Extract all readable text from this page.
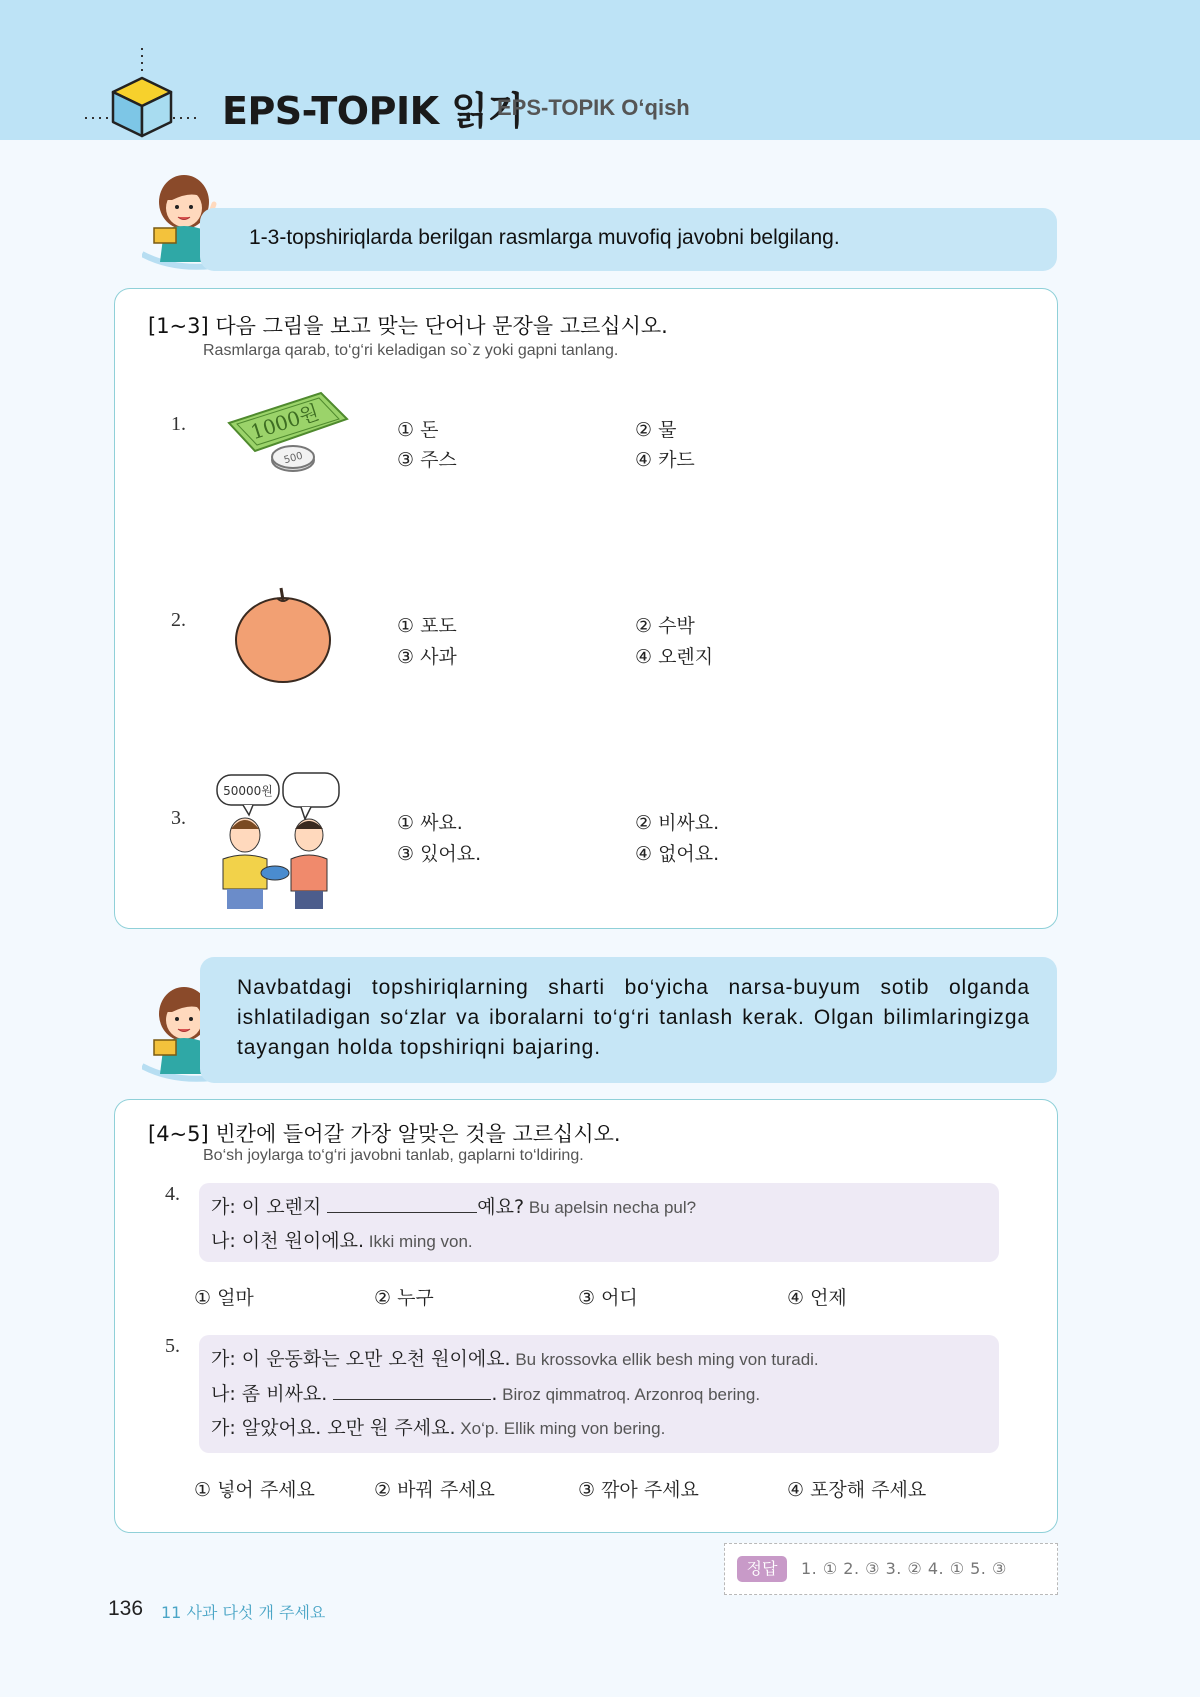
EPS-TOPIK 읽기
EPS-TOPIK O‘qish
1-3-topshiriqlarda berilgan rasmlarga muvofiq javobni belgilang.
[1~3] 다음 그림을 보고 맞는 단어나 문장을 고르십시오.
Rasmlarga qarab, to‘g‘ri keladigan so`z yoki gapni tanlang.
1.	1000원
500
① 돈	② 물
③ 주스	④ 카드
2.	① 포도	② 수박
③ 사과	④ 오렌지
3.
50000원
① 싸요.	② 비싸요.
③ 있어요.	④ 없어요.
Navbatdagi topshiriqlarning sharti bo‘yicha narsa-buyum sotib olganda ishlatiladigan so‘zlar va iboralarni to‘g‘ri tanlash kerak. Olgan bilimlaringizga tayangan holda topshiriqni bajaring.
[4~5] 빈칸에 들어갈 가장 알맞은 것을 고르십시오.
Bo‘sh joylarga to‘g‘ri javobni tanlab, gaplarni to‘ldiring.
4.
가: 이 오렌지	예요? Bu apelsin necha pul?
나: 이천 원이에요. Ikki ming von.
① 얼마	② 누구	③ 어디	④ 언제
5.
가: 이 운동화는 오만 오천 원이에요. Bu krossovka ellik besh ming von turadi.
나: 좀 비싸요.	. Biroz qimmatroq. Arzonroq bering.
가: 알았어요. 오만 원 주세요. Xo‘p. Ellik ming von bering.
① 넣어 주세요	② 바꿔 주세요	③ 깎아 주세요	④ 포장해 주세요
정답	1. ① 2. ③ 3. ② 4. ① 5. ③
136 11 사과 다섯 개 주세요
